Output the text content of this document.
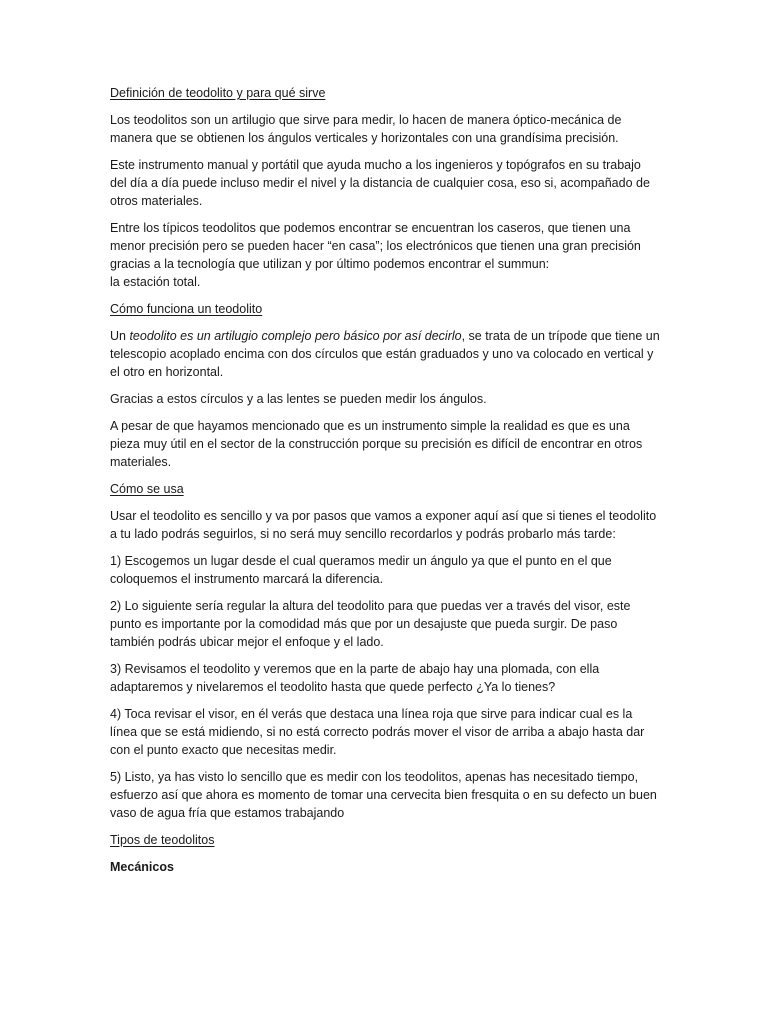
Definición de teodolito y para qué sirve

Los teodolitos son un artilugio que sirve para medir, lo hacen de manera óptico-mecánica de manera que se obtienen los ángulos verticales y horizontales con una grandísima precisión.

Este instrumento manual y portátil que ayuda mucho a los ingenieros y topógrafos en su trabajo del día a día puede incluso medir el nivel y la distancia de cualquier cosa, eso si, acompañado de otros materiales.

Entre los típicos teodolitos que podemos encontrar se encuentran los caseros, que tienen una menor precisión pero se pueden hacer “en casa”; los electrónicos que tienen una gran precisión gracias a la tecnología que utilizan y por último podemos encontrar el summun:
la estación total.

Cómo funciona un teodolito

Un teodolito es un artilugio complejo pero básico por así decirlo, se trata de un trípode que tiene un telescopio acoplado encima con dos círculos que están graduados y uno va colocado en vertical y el otro en horizontal.

Gracias a estos círculos y a las lentes se pueden medir los ángulos.

A pesar de que hayamos mencionado que es un instrumento simple la realidad es que es una pieza muy útil en el sector de la construcción porque su precisión es difícil de encontrar en otros materiales.

Cómo se usa

Usar el teodolito es sencillo y va por pasos que vamos a exponer aquí así que si tienes el teodolito a tu lado podrás seguirlos, si no será muy sencillo recordarlos y podrás probarlo más tarde:

1) Escogemos un lugar desde el cual queramos medir un ángulo ya que el punto en el que coloquemos el instrumento marcará la diferencia.

2) Lo siguiente sería regular la altura del teodolito para que puedas ver a través del visor, este punto es importante por la comodidad más que por un desajuste que pueda surgir. De paso también podrás ubicar mejor el enfoque y el lado.

3) Revisamos el teodolito y veremos que en la parte de abajo hay una plomada, con ella adaptaremos y nivelaremos el teodolito hasta que quede perfecto ¿Ya lo tienes?

4) Toca revisar el visor, en él verás que destaca una línea roja que sirve para indicar cual es la línea que se está midiendo, si no está correcto podrás mover el visor de arriba a abajo hasta dar con el punto exacto que necesitas medir.

5) Listo, ya has visto lo sencillo que es medir con los teodolitos, apenas has necesitado tiempo, esfuerzo así que ahora es momento de tomar una cervecita bien fresquita o en su defecto un buen vaso de agua fría que estamos trabajando

Tipos de teodolitos

Mecánicos
